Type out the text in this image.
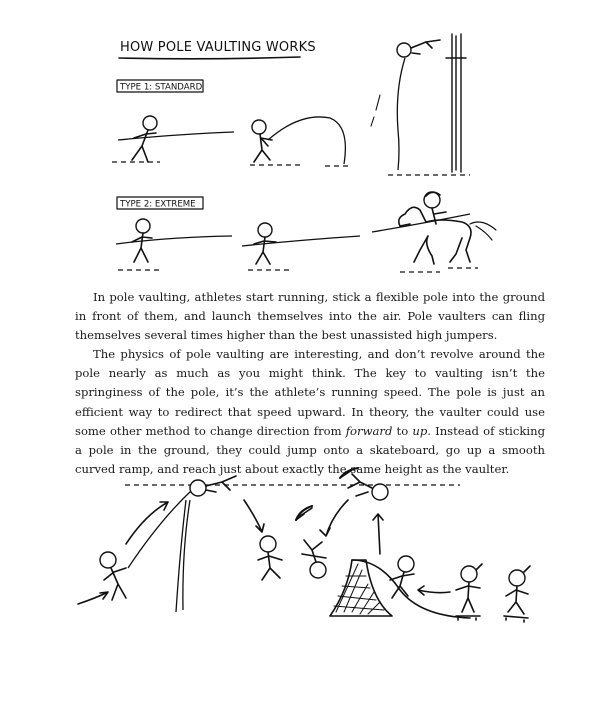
HOW POLE VAULTING WORKS
TYPE 1: STANDARD
TYPE 2: EXTREME

In pole vaulting, athletes start running, stick a flexible pole into the ground in front of them, and launch themselves into the air. Pole vaulters can fling themselves several times higher than the best unassisted high jumpers.

The physics of pole vaulting are interesting, and don’t revolve around the pole nearly as much as you might think. The key to vaulting isn’t the springiness of the pole, it’s the athlete’s running speed. The pole is just an efficient way to redirect that speed upward. In theory, the vaulter could use some other method to change direction from forward to up. Instead of sticking a pole in the ground, they could jump onto a skateboard, go up a smooth curved ramp, and reach just about exactly the same height as the vaulter.
